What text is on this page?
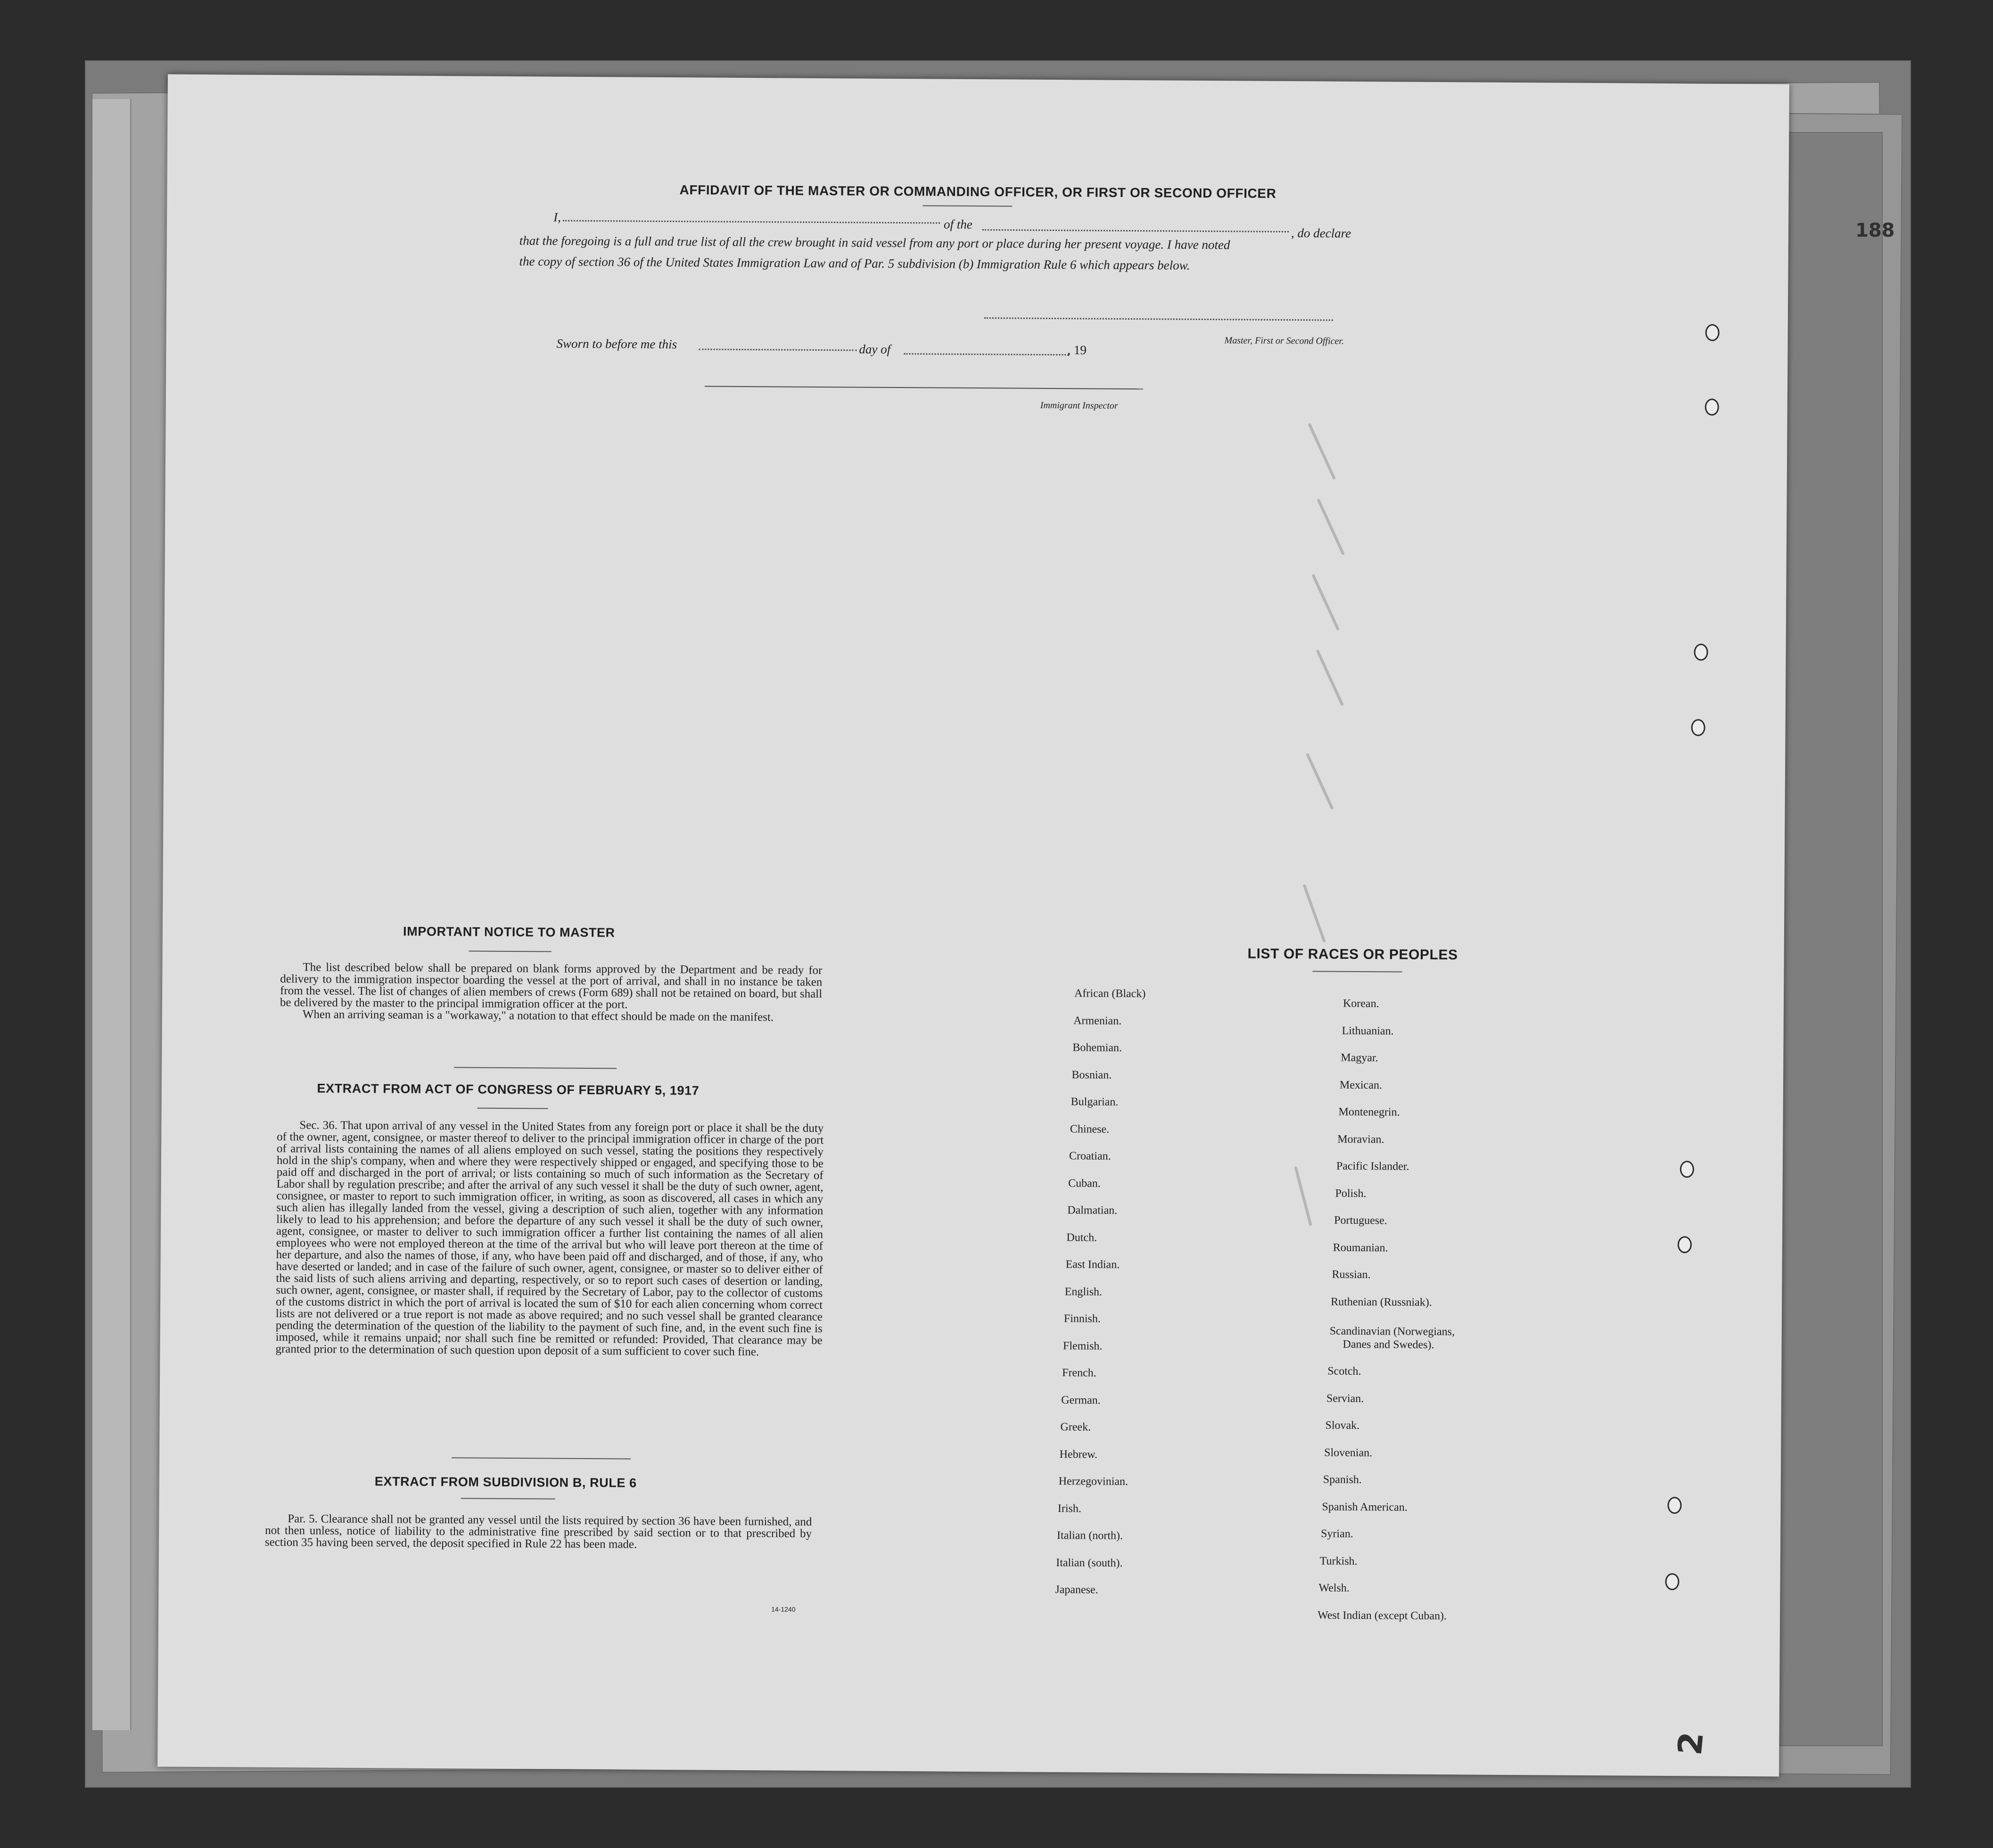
188
AFFIDAVIT OF THE MASTER OR COMMANDING OFFICER, OR FIRST OR SECOND OFFICER
I,
of the
, do declare
that the foregoing is a full and true list of all the crew brought in said vessel from any port or place during her present voyage. I have noted
the copy of section 36 of the United States Immigration Law and of Par. 5 subdivision (b) Immigration Rule 6 which appears below.
Master, First or Second Officer.
Sworn to before me this	day of	, 19
Immigrant Inspector
IMPORTANT NOTICE TO MASTER
The list described below shall be prepared on blank forms approved by the Department and be ready for delivery to the immigration inspector boarding the vessel at the port of arrival, and shall in no instance be taken from the vessel. The list of changes of alien members of crews (Form 689) shall not be retained on board, but shall be delivered by the master to the principal immigration officer at the port.
When an arriving seaman is a "workaway," a notation to that effect should be made on the manifest.
EXTRACT FROM ACT OF CONGRESS OF FEBRUARY 5, 1917
Sec. 36. That upon arrival of any vessel in the United States from any foreign port or place it shall be the duty of the owner, agent, consignee, or master thereof to deliver to the principal immigration officer in charge of the port of arrival lists containing the names of all aliens employed on such vessel, stating the positions they respectively hold in the ship's company, when and where they were respectively shipped or engaged, and specifying those to be paid off and discharged in the port of arrival; or lists containing so much of such information as the Secretary of Labor shall by regulation prescribe; and after the arrival of any such vessel it shall be the duty of such owner, agent, consignee, or master to report to such immigration officer, in writing, as soon as discovered, all cases in which any such alien has illegally landed from the vessel, giving a description of such alien, together with any information likely to lead to his apprehension; and before the departure of any such vessel it shall be the duty of such owner, agent, consignee, or master to deliver to such immigration officer a further list containing the names of all alien employees who were not employed thereon at the time of the arrival but who will leave port thereon at the time of her departure, and also the names of those, if any, who have been paid off and discharged, and of those, if any, who have deserted or landed; and in case of the failure of such owner, agent, consignee, or master so to deliver either of the said lists of such aliens arriving and departing, respectively, or so to report such cases of desertion or landing, such owner, agent, consignee, or master shall, if required by the Secretary of Labor, pay to the collector of customs of the customs district in which the port of arrival is located the sum of $10 for each alien concerning whom correct lists are not delivered or a true report is not made as above required; and no such vessel shall be granted clearance pending the determination of the question of the liability to the payment of such fine, and, in the event such fine is imposed, while it remains unpaid; nor shall such fine be remitted or refunded: Provided, That clearance may be granted prior to the determination of such question upon deposit of a sum sufficient to cover such fine.
EXTRACT FROM SUBDIVISION B, RULE 6
Par. 5. Clearance shall not be granted any vessel until the lists required by section 36 have been furnished, and not then unless, notice of liability to the administrative fine prescribed by said section or to that prescribed by section 35 having been served, the deposit specified in Rule 22 has been made.
14-1240
LIST OF RACES OR PEOPLES
2
African (Black)
Armenian.
Bohemian.
Bosnian.
Bulgarian.
Chinese.
Croatian.
Cuban.
Dalmatian.
Dutch.
East Indian.
English.
Finnish.
Flemish.
French.
German.
Greek.
Hebrew.
Herzegovinian.
Irish.
Italian (north).
Italian (south).
Japanese.
Korean.
Lithuanian.
Magyar.
Mexican.
Montenegrin.
Moravian.
Pacific Islander.
Polish.
Portuguese.
Roumanian.
Russian.
Ruthenian (Russniak).
Scandinavian (Norwegians,
Danes and Swedes).
Scotch.
Servian.
Slovak.
Slovenian.
Spanish.
Spanish American.
Syrian.
Turkish.
Welsh.
West Indian (except Cuban).
